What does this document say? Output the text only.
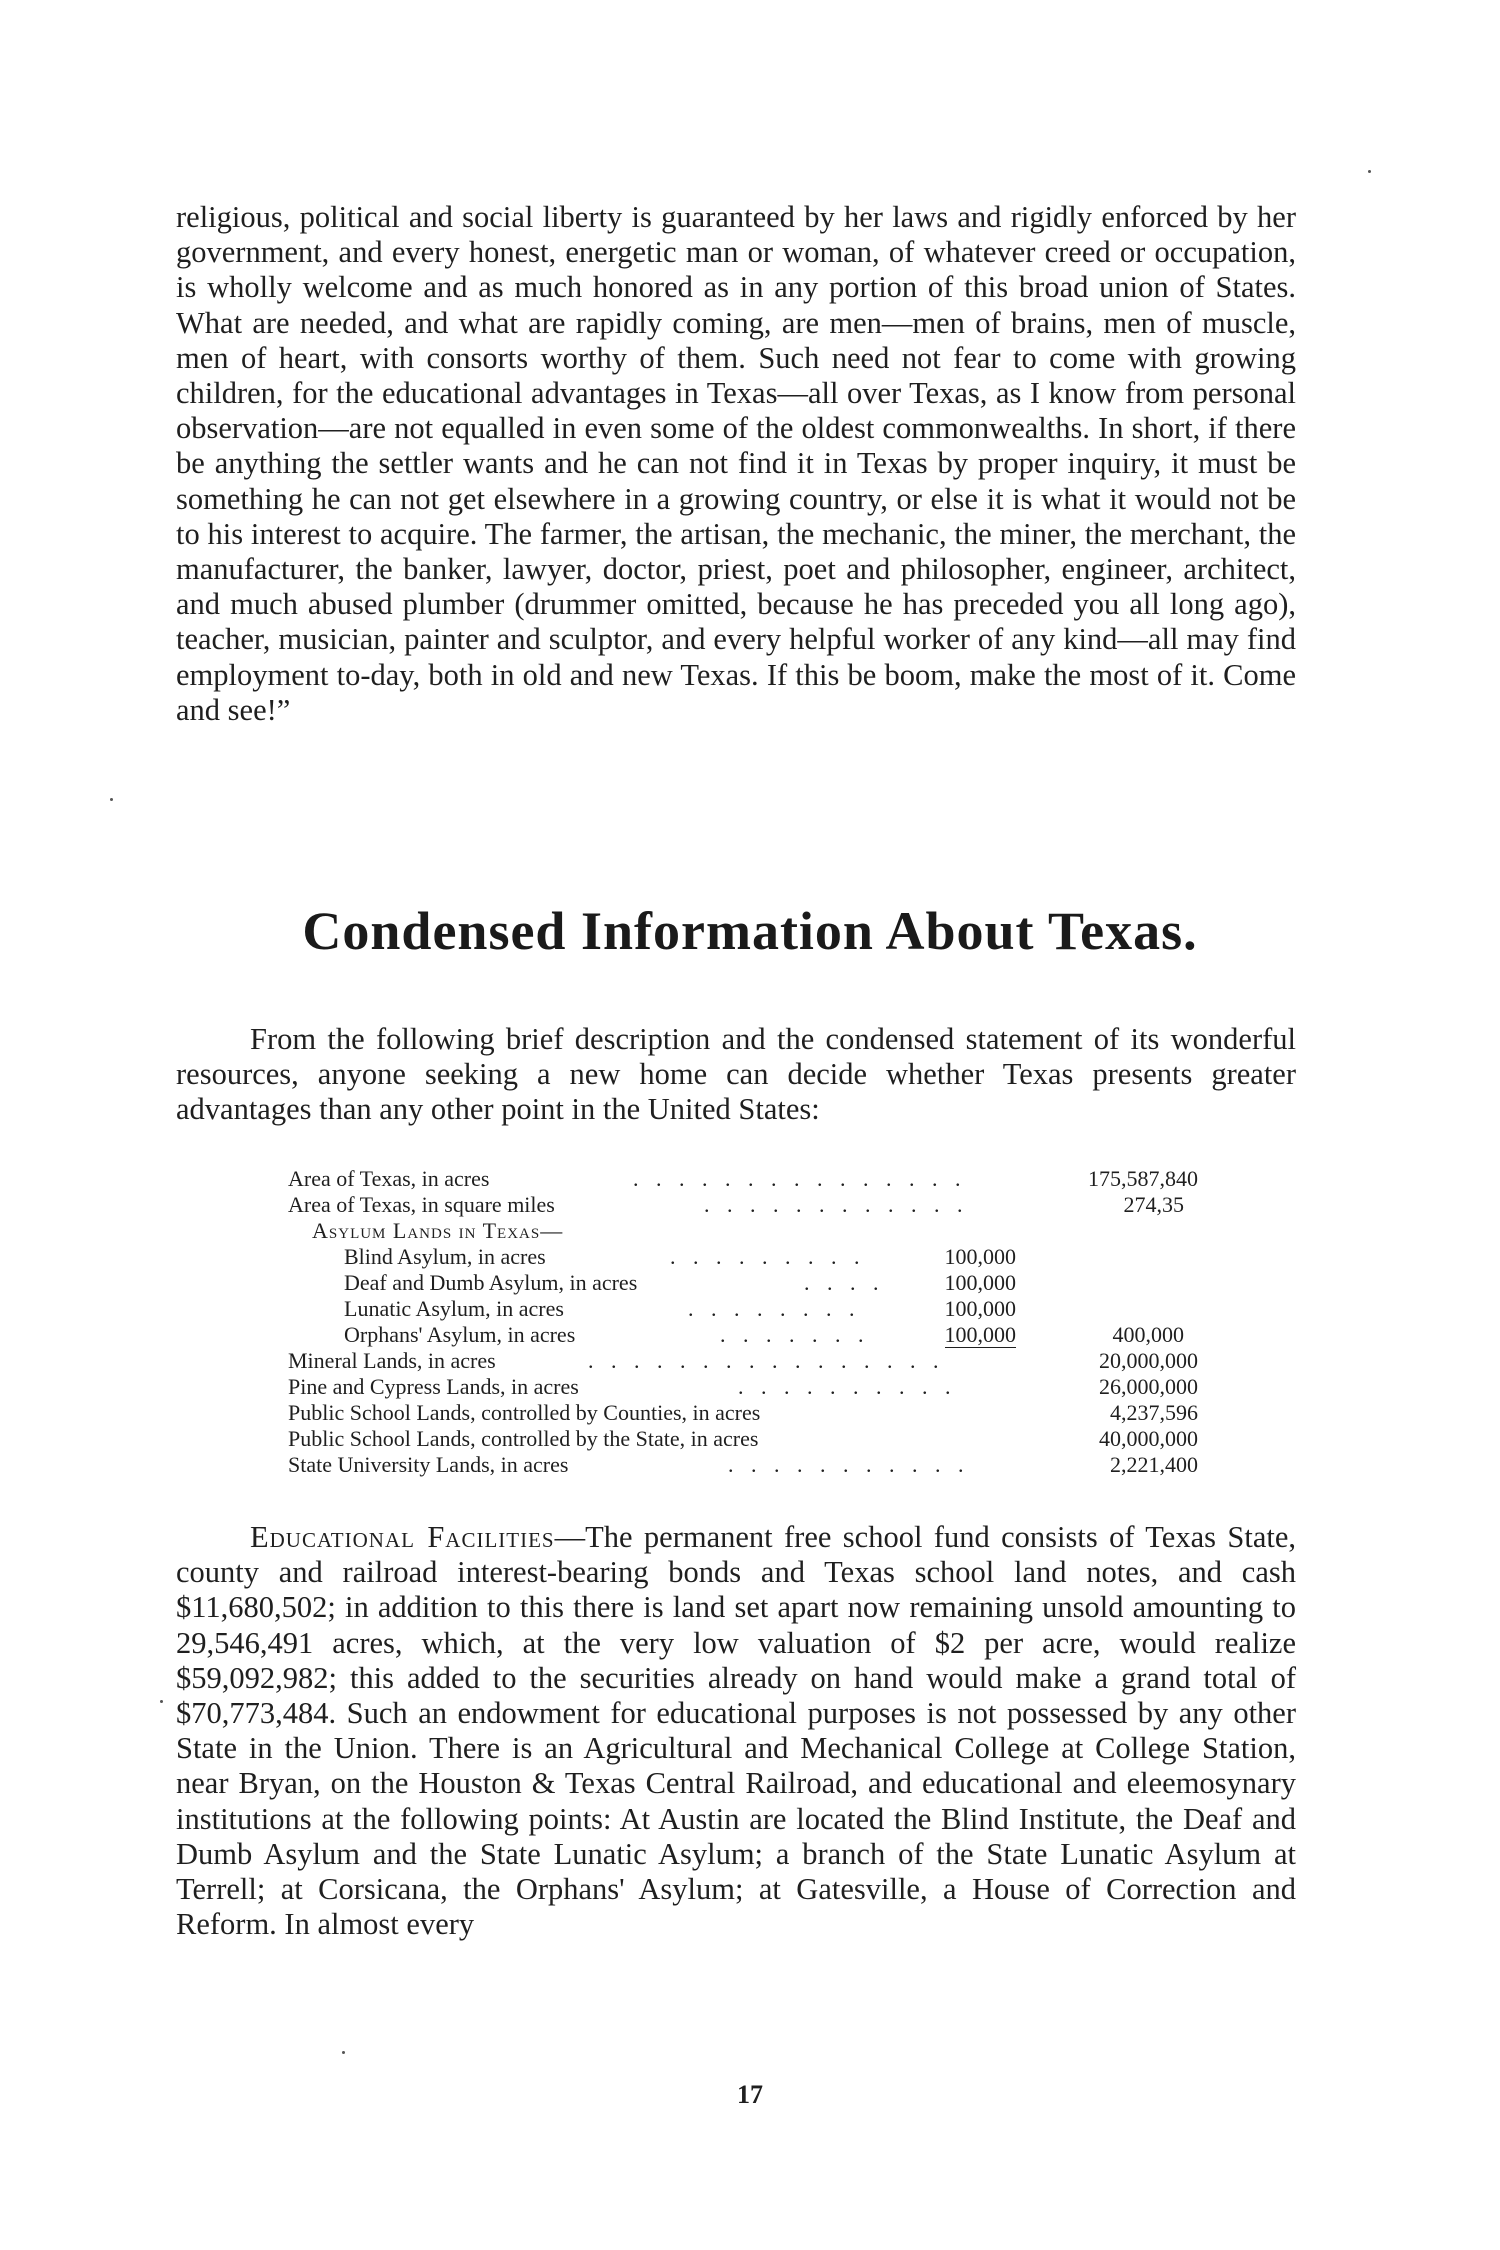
religious, political and social liberty is guaranteed by her laws and rigidly enforced by her government, and every honest, energetic man or woman, of whatever creed or occupation, is wholly welcome and as much honored as in any portion of this broad union of States. What are needed, and what are rapidly coming, are men—men of brains, men of muscle, men of heart, with consorts worthy of them. Such need not fear to come with growing children, for the educational advantages in Texas—all over Texas, as I know from personal observation—are not equalled in even some of the oldest commonwealths. In short, if there be anything the settler wants and he can not find it in Texas by proper inquiry, it must be something he can not get elsewhere in a growing country, or else it is what it would not be to his interest to acquire. The farmer, the artisan, the mechanic, the miner, the merchant, the manufacturer, the banker, lawyer, doctor, priest, poet and philosopher, engineer, architect, and much abused plumber (drummer omitted, because he has preceded you all long ago), teacher, musician, painter and sculptor, and every helpful worker of any kind—all may find employment to-day, both in old and new Texas. If this be boom, make the most of it. Come and see!”

Condensed Information About Texas.

From the following brief description and the condensed statement of its wonderful resources, anyone seeking a new home can decide whether Texas presents greater advantages than any other point in the United States:

Area of Texas, in acres	. . . . . . . . . . . . . . .	175,587,840
Area of Texas, in square miles	. . . . . . . . . . . .	274,35
Asylum Lands in Texas—
Blind Asylum, in acres	. . . . . . . . .	100,000
Deaf and Dumb Asylum, in acres	. . . .	100,000
Lunatic Asylum, in acres	. . . . . . . .	100,000
Orphans' Asylum, in acres	. . . . . . .	100,000	400,000
Mineral Lands, in acres	. . . . . . . . . . . . . . . .	20,000,000
Pine and Cypress Lands, in acres	. . . . . . . . . .	26,000,000
Public School Lands, controlled by Counties, in acres	4,237,596
Public School Lands, controlled by the State, in acres	40,000,000
State University Lands, in acres	. . . . . . . . . . .	2,221,400

Educational Facilities—The permanent free school fund consists of Texas State, county and railroad interest-bearing bonds and Texas school land notes, and cash $11,680,502; in addition to this there is land set apart now remaining unsold amounting to 29,546,491 acres, which, at the very low valuation of $2 per acre, would realize $59,092,982; this added to the securities already on hand would make a grand total of $70,773,484. Such an endowment for educational purposes is not possessed by any other State in the Union. There is an Agricultural and Mechanical College at College Station, near Bryan, on the Houston & Texas Central Railroad, and educational and eleemosynary institutions at the following points: At Austin are located the Blind Institute, the Deaf and Dumb Asylum and the State Lunatic Asylum; a branch of the State Lunatic Asylum at Terrell; at Corsicana, the Orphans' Asylum; at Gatesville, a House of Correction and Reform. In almost every

17
